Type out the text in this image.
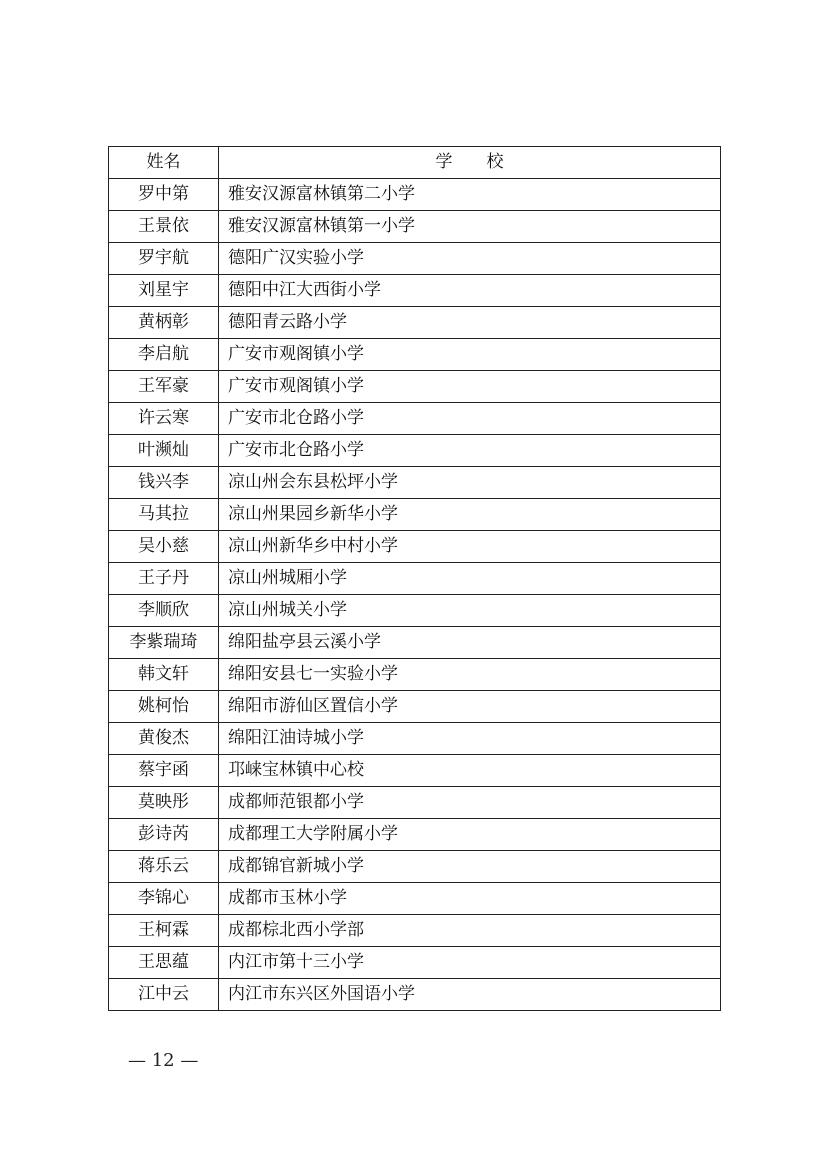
姓名	学　　校
罗中第	雅安汉源富林镇第二小学
王景依	雅安汉源富林镇第一小学
罗宇航	德阳广汉实验小学
刘星宇	德阳中江大西街小学
黄柄彰	德阳青云路小学
李启航	广安市观阁镇小学
王军豪	广安市观阁镇小学
许云寒	广安市北仓路小学
叶濒灿	广安市北仓路小学
钱兴李	凉山州会东县松坪小学
马其拉	凉山州果园乡新华小学
吴小慈	凉山州新华乡中村小学
王子丹	凉山州城厢小学
李顺欣	凉山州城关小学
李紫瑞琦	绵阳盐亭县云溪小学
韩文轩	绵阳安县七一实验小学
姚柯怡	绵阳市游仙区置信小学
黄俊杰	绵阳江油诗城小学
蔡宇函	邛崃宝林镇中心校
莫映彤	成都师范银都小学
彭诗芮	成都理工大学附属小学
蒋乐云	成都锦官新城小学
李锦心	成都市玉林小学
王柯霖	成都棕北西小学部
王思蕴	内江市第十三小学
江中云	内江市东兴区外国语小学
— 12 —
